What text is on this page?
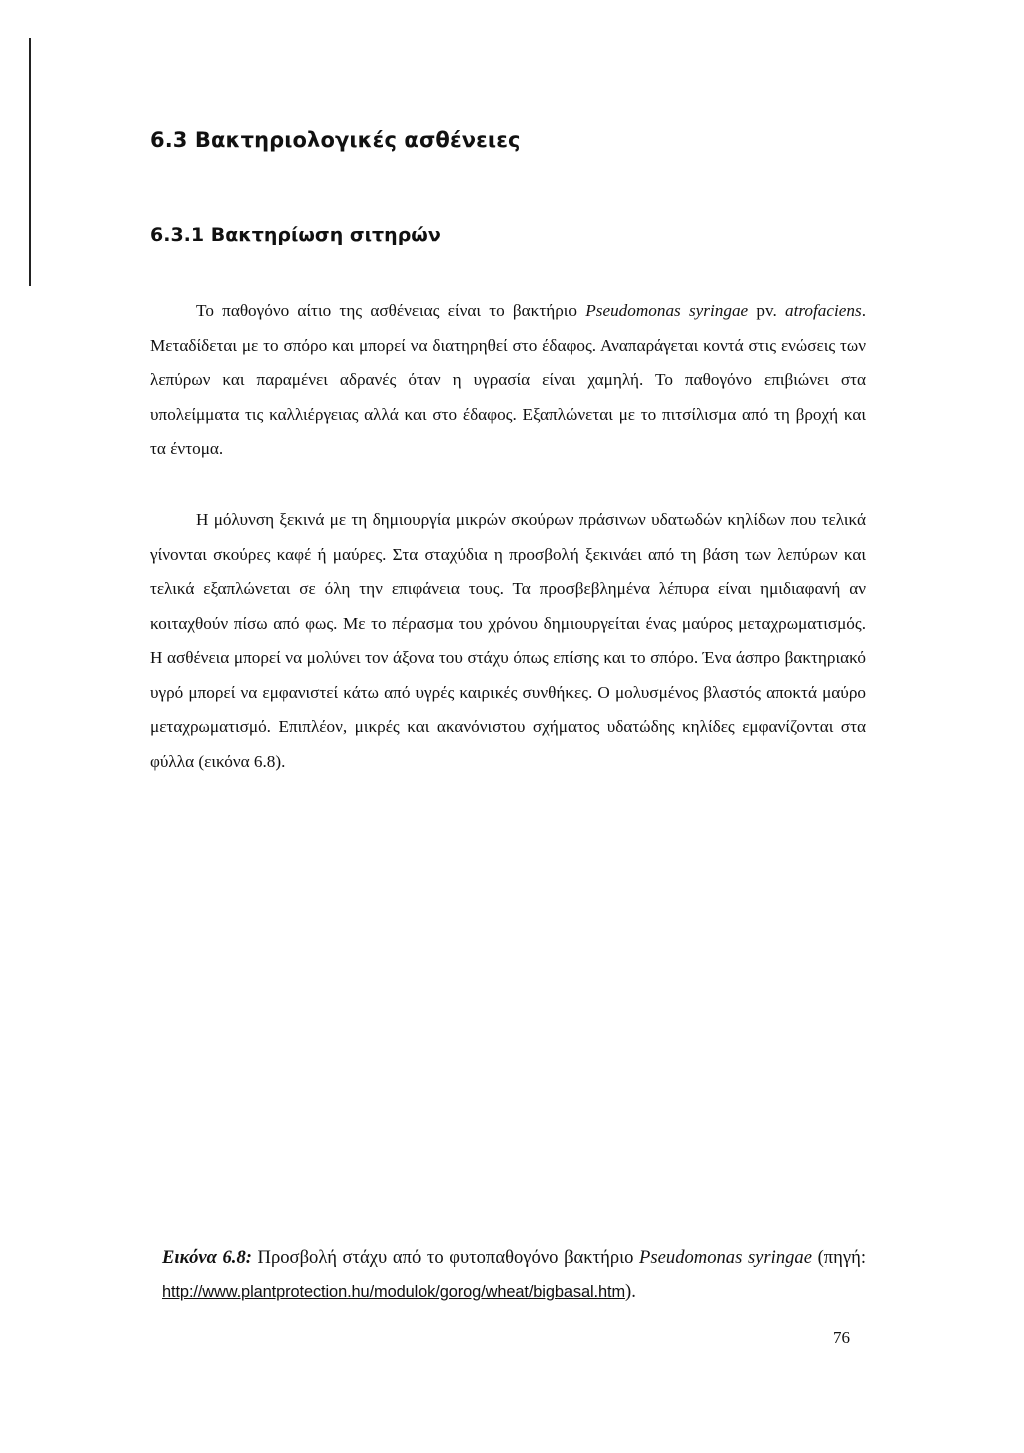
6.3 Βακτηριολογικές ασθένειες
6.3.1 Βακτηρίωση σιτηρών

Το παθογόνο αίτιο της ασθένειας είναι το βακτήριο Pseudomonas syringae pv. atrofaciens. Μεταδίδεται με το σπόρο και μπορεί να διατηρηθεί στο έδαφος. Αναπαράγεται κοντά στις ενώσεις των λεπύρων και παραμένει αδρανές όταν η υγρασία είναι χαμηλή. Το παθογόνο επιβιώνει στα υπολείμματα τις καλλιέργειας αλλά και στο έδαφος. Εξαπλώνεται με το πιτσίλισμα από τη βροχή και τα έντομα.

Η μόλυνση ξεκινά με τη δημιουργία μικρών σκούρων πράσινων υδατωδών κηλίδων που τελικά γίνονται σκούρες καφέ ή μαύρες. Στα σταχύδια η προσβολή ξεκινάει από τη βάση των λεπύρων και τελικά εξαπλώνεται σε όλη την επιφάνεια τους. Τα προσβεβλημένα λέπυρα είναι ημιδιαφανή αν κοιταχθούν πίσω από φως. Με το πέρασμα του χρόνου δημιουργείται ένας μαύρος μεταχρωματισμός. Η ασθένεια μπορεί να μολύνει τον άξονα του στάχυ όπως επίσης και το σπόρο. Ένα άσπρο βακτηριακό υγρό μπορεί να εμφανιστεί κάτω από υγρές καιρικές συνθήκες. Ο μολυσμένος βλαστός αποκτά μαύρο μεταχρωματισμό. Επιπλέον, μικρές και ακανόνιστου σχήματος υδατώδης κηλίδες εμφανίζονται στα φύλλα (εικόνα 6.8).

Εικόνα 6.8: Προσβολή στάχυ από το φυτοπαθογόνο βακτήριο Pseudomonas syringae (πηγή: http://www.plantprotection.hu/modulok/gorog/wheat/bigbasal.htm).

76
